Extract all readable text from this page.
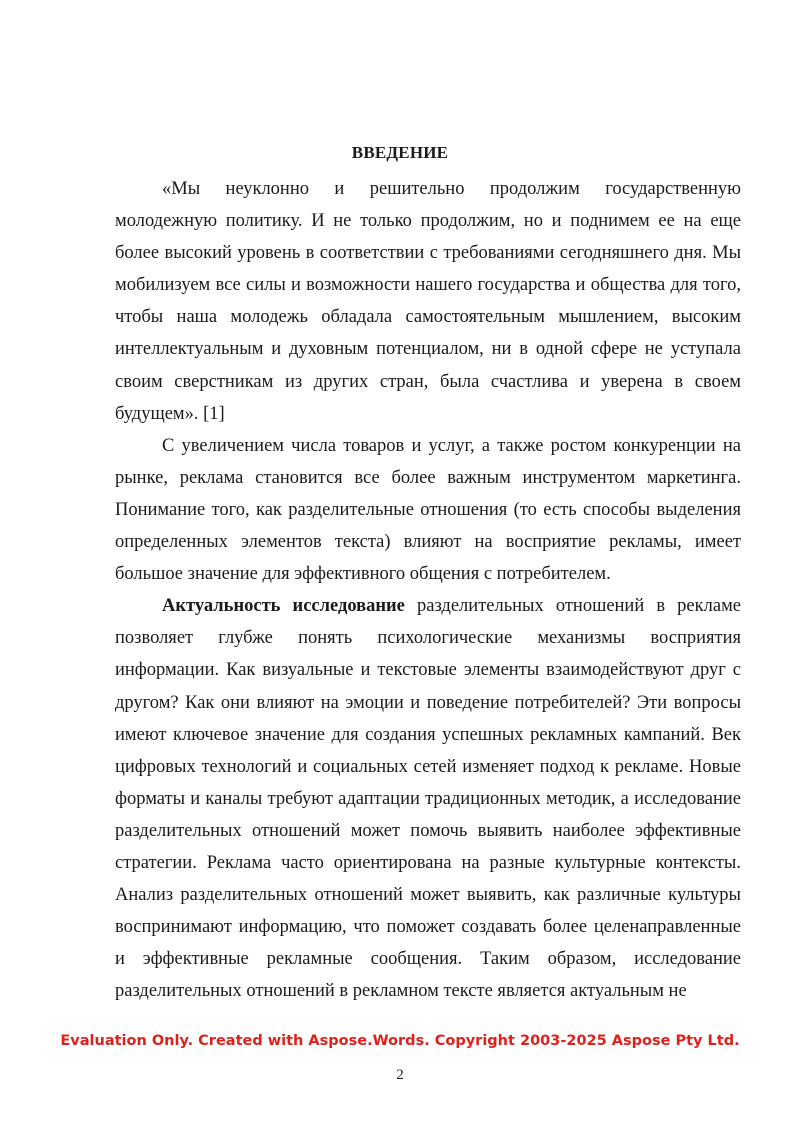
ВВЕДЕНИЕ

«Мы неуклонно и решительно продолжим государственную молодежную политику. И не только продолжим, но и поднимем ее на еще более высокий уровень в соответствии с требованиями сегодняшнего дня. Мы мобилизуем все силы и возможности нашего государства и общества для того, чтобы наша молодежь обладала самостоятельным мышлением, высоким интеллектуальным и духовным потенциалом, ни в одной сфере не уступала своим сверстникам из других стран, была счастлива и уверена в своем будущем». [1]

С увеличением числа товаров и услуг, а также ростом конкуренции на рынке, реклама становится все более важным инструментом маркетинга. Понимание того, как разделительные отношения (то есть способы выделения определенных элементов текста) влияют на восприятие рекламы, имеет большое значение для эффективного общения с потребителем.

Актуальность исследование разделительных отношений в рекламе позволяет глубже понять психологические механизмы восприятия информации. Как визуальные и текстовые элементы взаимодействуют друг с другом? Как они влияют на эмоции и поведение потребителей? Эти вопросы имеют ключевое значение для создания успешных рекламных кампаний. Век цифровых технологий и социальных сетей изменяет подход к рекламе. Новые форматы и каналы требуют адаптации традиционных методик, а исследование разделительных отношений может помочь выявить наиболее эффективные стратегии. Реклама часто ориентирована на разные культурные контексты. Анализ разделительных отношений может выявить, как различные культуры воспринимают информацию, что поможет создавать более целенаправленные и эффективные рекламные сообщения. Таким образом, исследование разделительных отношений в рекламном тексте является актуальным не

Evaluation Only. Created with Aspose.Words. Copyright 2003-2025 Aspose Pty Ltd.
2
